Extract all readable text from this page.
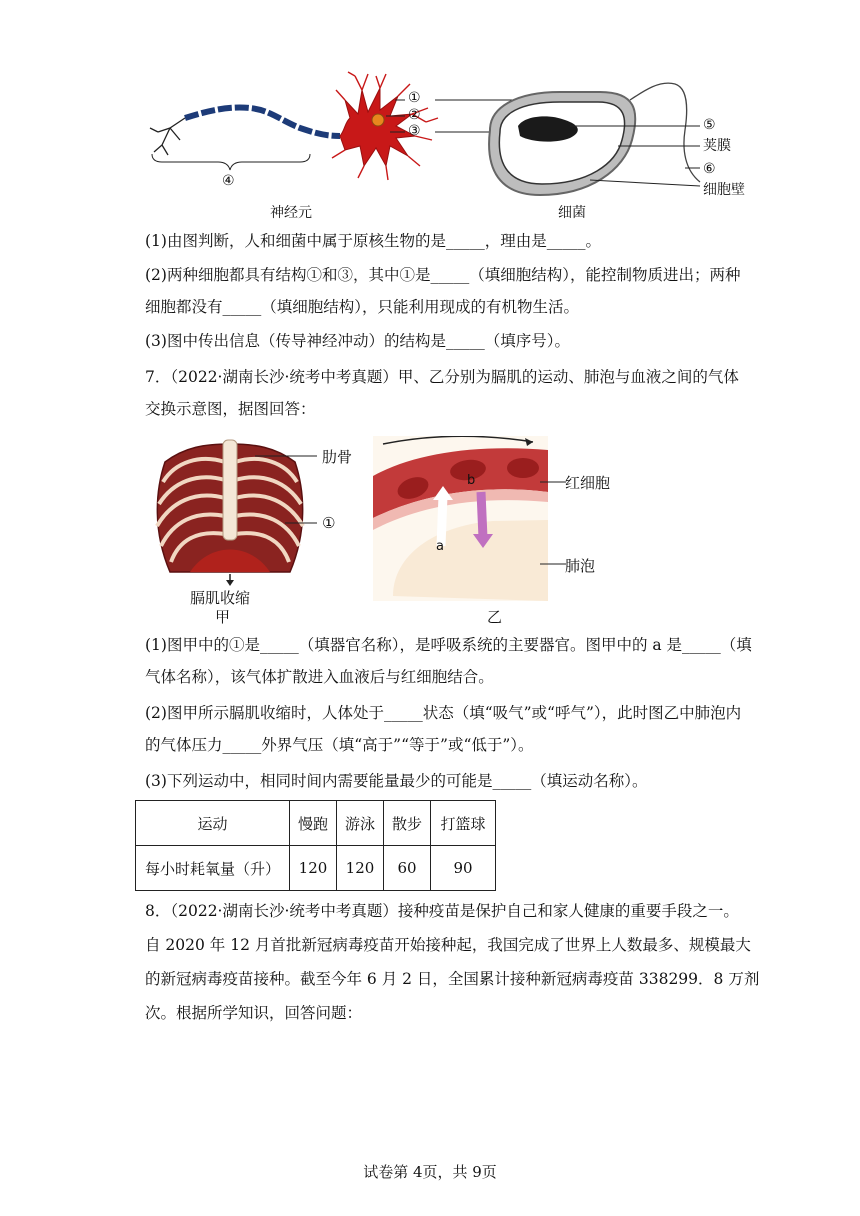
①
②
③
④
⑤
荚膜
⑥
细胞壁
神经元	细菌
(1)由图判断，人和细菌中属于原核生物的是_____，理由是_____。
(2)两种细胞都具有结构①和③，其中①是_____（填细胞结构），能控制物质进出；两种
细胞都没有_____（填细胞结构），只能利用现成的有机物生活。
(3)图中传出信息（传导神经冲动）的结构是_____（填序号）。
7．（2022·湖南长沙·统考中考真题）甲、乙分别为膈肌的运动、肺泡与血液之间的气体
交换示意图，据图回答：
肋骨
①
膈肌收缩
甲
b
a
红细胞
肺泡
乙
(1)图甲中的①是_____（填器官名称），是呼吸系统的主要器官。图甲中的 a 是_____（填
气体名称），该气体扩散进入血液后与红细胞结合。
(2)图甲所示膈肌收缩时，人体处于_____状态（填“吸气”或“呼气”），此时图乙中肺泡内
的气体压力_____外界气压（填“高于”“等于”或“低于”）。
(3)下列运动中，相同时间内需要能量最少的可能是_____（填运动名称）。
运动	慢跑	游泳	散步	打篮球
每小时耗氧量（升）	120	120	60	90
8．（2022·湖南长沙·统考中考真题）接种疫苗是保护自己和家人健康的重要手段之一。
自 2020 年 12 月首批新冠病毒疫苗开始接种起，我国完成了世界上人数最多、规模最大
的新冠病毒疫苗接种。截至今年 6 月 2 日，全国累计接种新冠病毒疫苗 338299．8 万剂
次。根据所学知识，回答问题：
试卷第 4页，共 9页
